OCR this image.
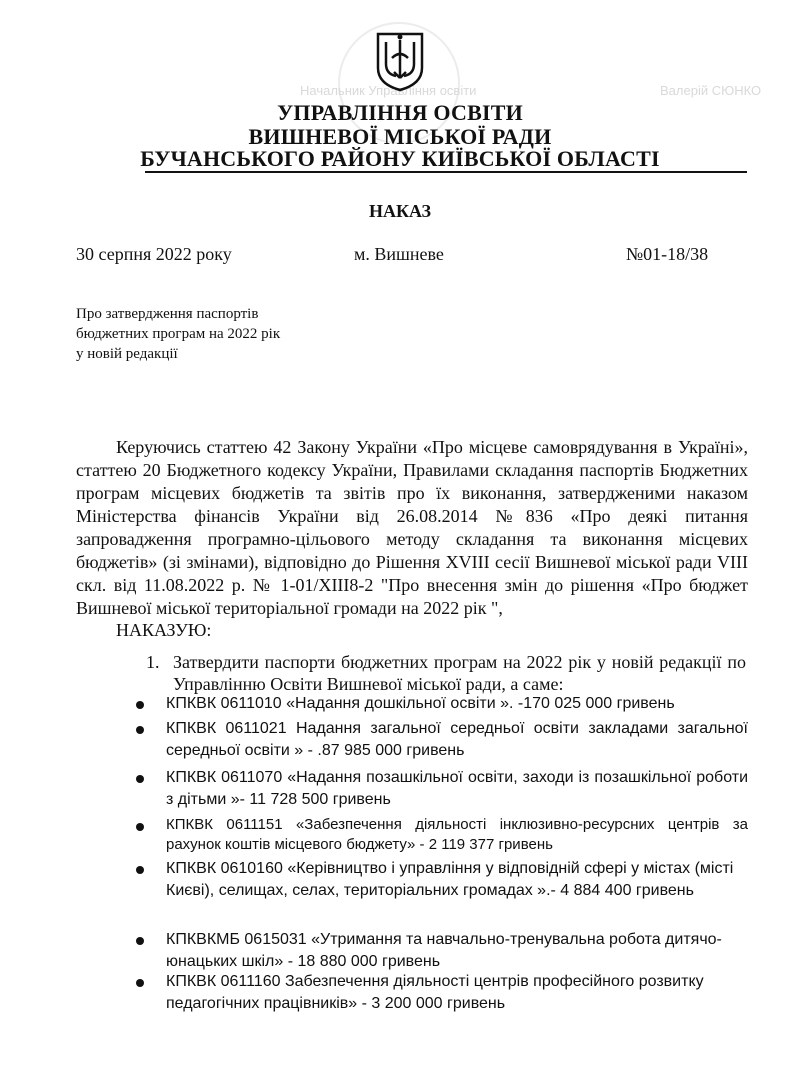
Начальник Управління освіти	Валерій СЮНКО
УПРАВЛІННЯ ОСВІТИ
ВИШНЕВОЇ МІСЬКОЇ РАДИ
БУЧАНСЬКОГО РАЙОНУ КИЇВСЬКОЇ ОБЛАСТІ
НАКАЗ
30 серпня 2022 року	м. Вишневе	№01-18/38
Про затвердження паспортів
бюджетних програм на 2022 рік
у новій редакції
Керуючись статтею 42 Закону України «Про місцеве самоврядування в Україні», статтею 20 Бюджетного кодексу України, Правилами складання паспортів Бюджетних програм місцевих бюджетів та звітів про їх виконання, затвердженими наказом Міністерства фінансів України від 26.08.2014 №836 «Про деякі питання запровадження програмно-цільового методу складання та виконання місцевих бюджетів» (зі змінами), відповідно до Рішення XVIII сесії Вишневої міської ради VIII скл. від 11.08.2022 р. № 1-01/XIII8-2 "Про внесення змін до рішення «Про бюджет Вишневої міської територіальної громади на 2022 рік ",
НАКАЗУЮ:
1. Затвердити паспорти бюджетних програм на 2022 рік у новій редакції по Управлінню Освіти Вишневої міської ради, а саме:
КПКВК 0611010 «Надання дошкільної освіти ». -170 025 000 гривень
КПКВК 0611021 Надання загальної середньої освіти закладами загальної середньої освіти » - .87 985 000 гривень
КПКВК 0611070 «Надання позашкільної освіти, заходи із позашкільної роботи з дітьми »- 11 728 500 гривень
КПКВК 0611151 «Забезпечення діяльності інклюзивно-ресурсних центрів за рахунок коштів місцевого бюджету» - 2 119 377 гривень
КПКВК 0610160 «Керівництво і управління у відповідній сфері у містах (місті Києві), селищах, селах, територіальних громадах ».- 4 884 400 гривень
КПКВКМБ 0615031 «Утримання та навчально-тренувальна робота дитячо-юнацьких шкіл» - 18 880 000 гривень
КПКВК 0611160 Забезпечення діяльності центрів професійного розвитку педагогічних працівників» - 3 200 000 гривень
